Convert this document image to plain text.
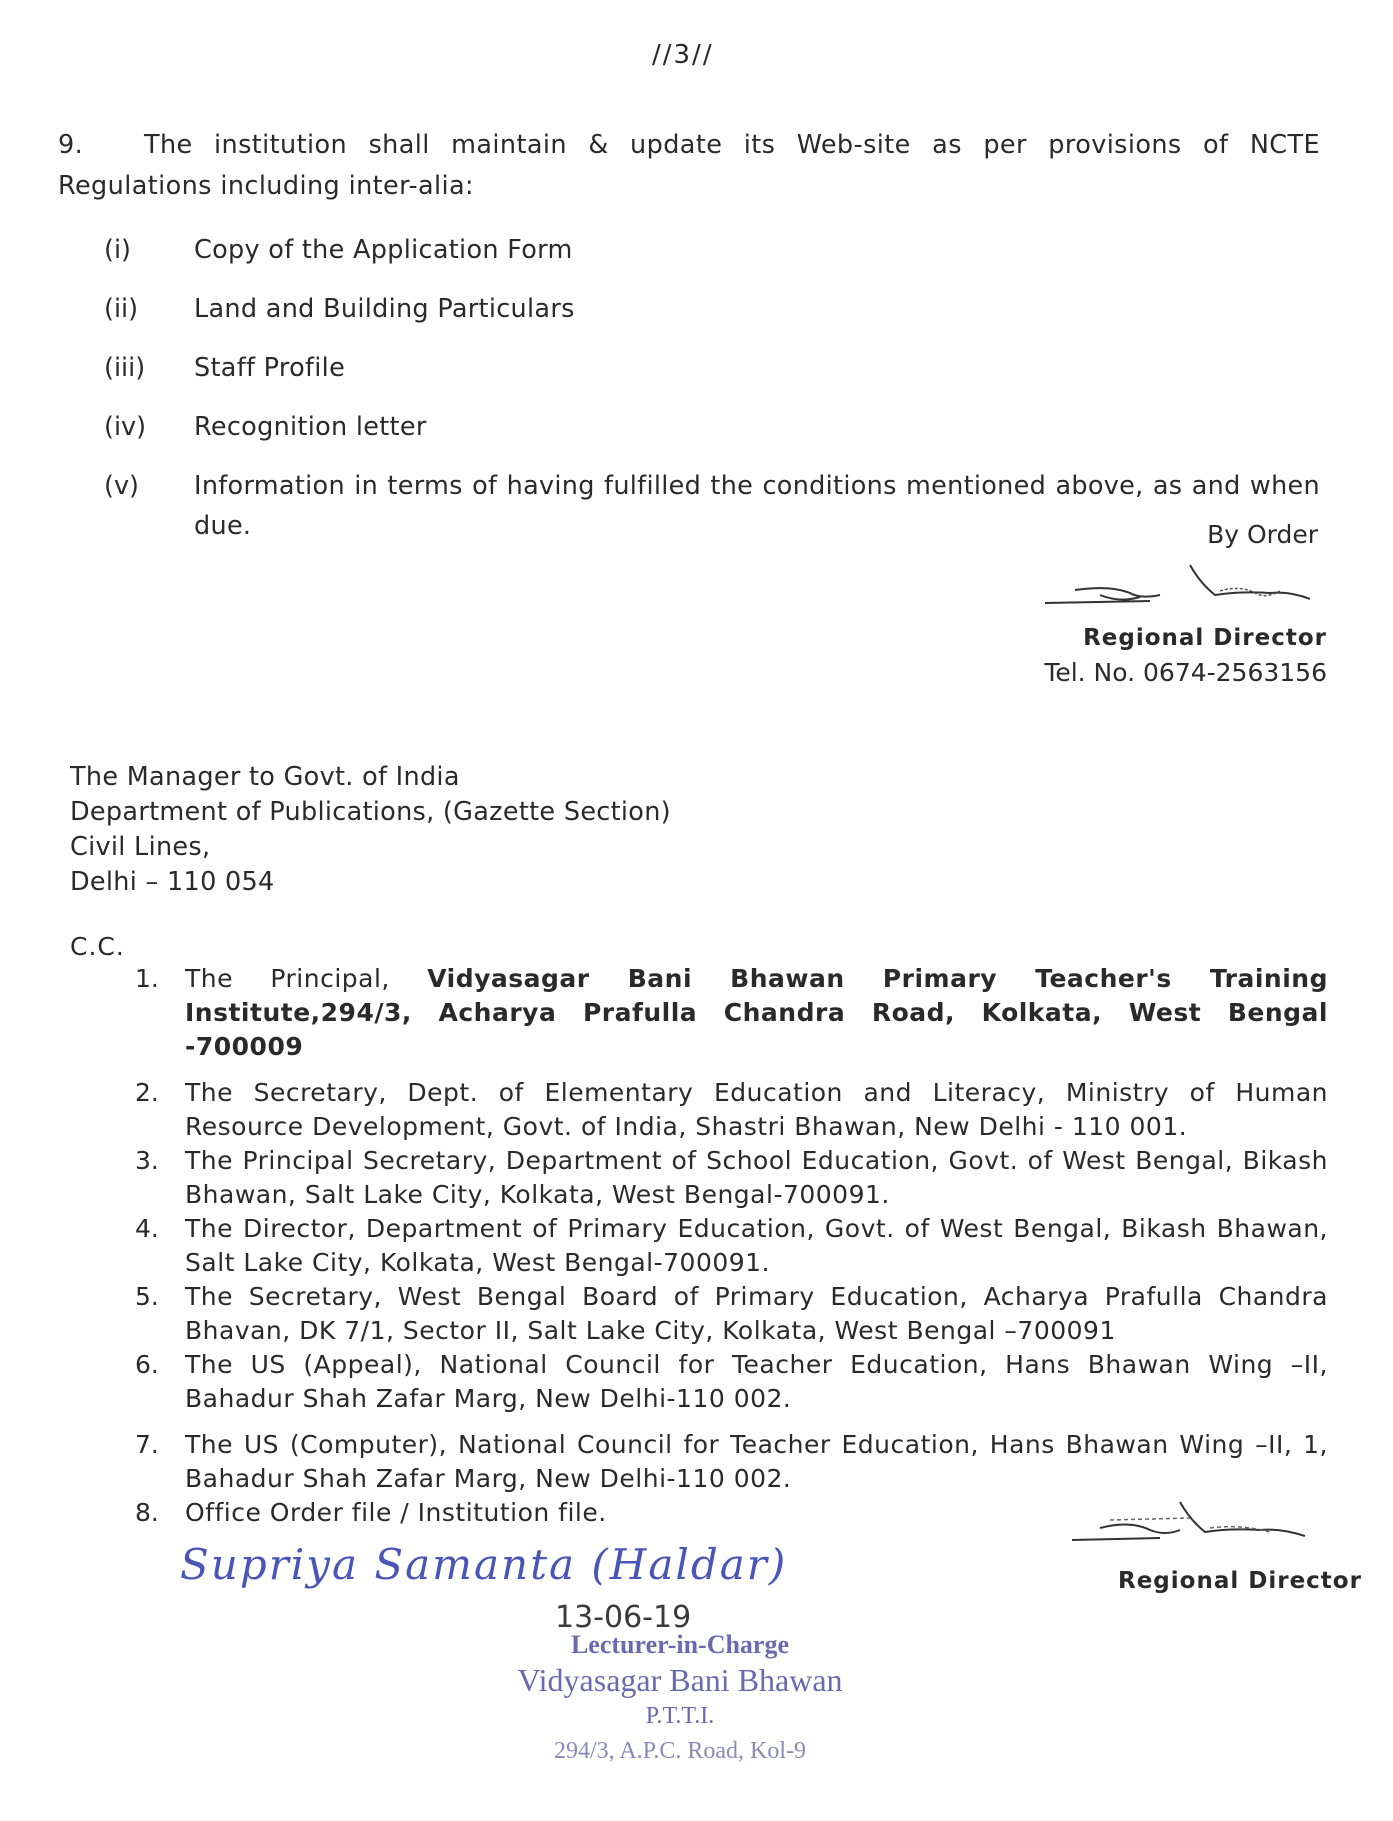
//3//
9. The institution shall maintain & update its Web-site as per provisions of NCTE Regulations including inter-alia:
(i)	Copy of the Application Form
(ii)	Land and Building Particulars
(iii)	Staff Profile
(iv)	Recognition letter
(v)	Information in terms of having fulfilled the conditions mentioned above, as and when due.	By Order
Regional Director
Tel. No. 0674-2563156
The Manager to Govt. of India
Department of Publications, (Gazette Section)
Civil Lines,
Delhi – 110 054
C.C.
1.	The Principal, Vidyasagar Bani Bhawan Primary Teacher's Training Institute,294/3, Acharya Prafulla Chandra Road, Kolkata, West Bengal -700009
2.	The Secretary, Dept. of Elementary Education and Literacy, Ministry of Human Resource Development, Govt. of India, Shastri Bhawan, New Delhi - 110 001.
3.	The Principal Secretary, Department of School Education, Govt. of West Bengal, Bikash Bhawan, Salt Lake City, Kolkata, West Bengal-700091.
4.	The Director, Department of Primary Education, Govt. of West Bengal, Bikash Bhawan, Salt Lake City, Kolkata, West Bengal-700091.
5.	The Secretary, West Bengal Board of Primary Education, Acharya Prafulla Chandra Bhavan, DK 7/1, Sector II, Salt Lake City, Kolkata, West Bengal –700091
6.	The US (Appeal), National Council for Teacher Education, Hans Bhawan Wing –II, Bahadur Shah Zafar Marg, New Delhi-110 002.
7.	The US (Computer), National Council for Teacher Education, Hans Bhawan Wing –II, 1, Bahadur Shah Zafar Marg, New Delhi-110 002.
8.	Office Order file / Institution file.
Regional Director
Supriya Samanta (Haldar)
13-06-19
Lecturer-in-Charge
Vidyasagar Bani Bhawan
P.T.T.I.
294/3, A.P.C. Road, Kol-9
